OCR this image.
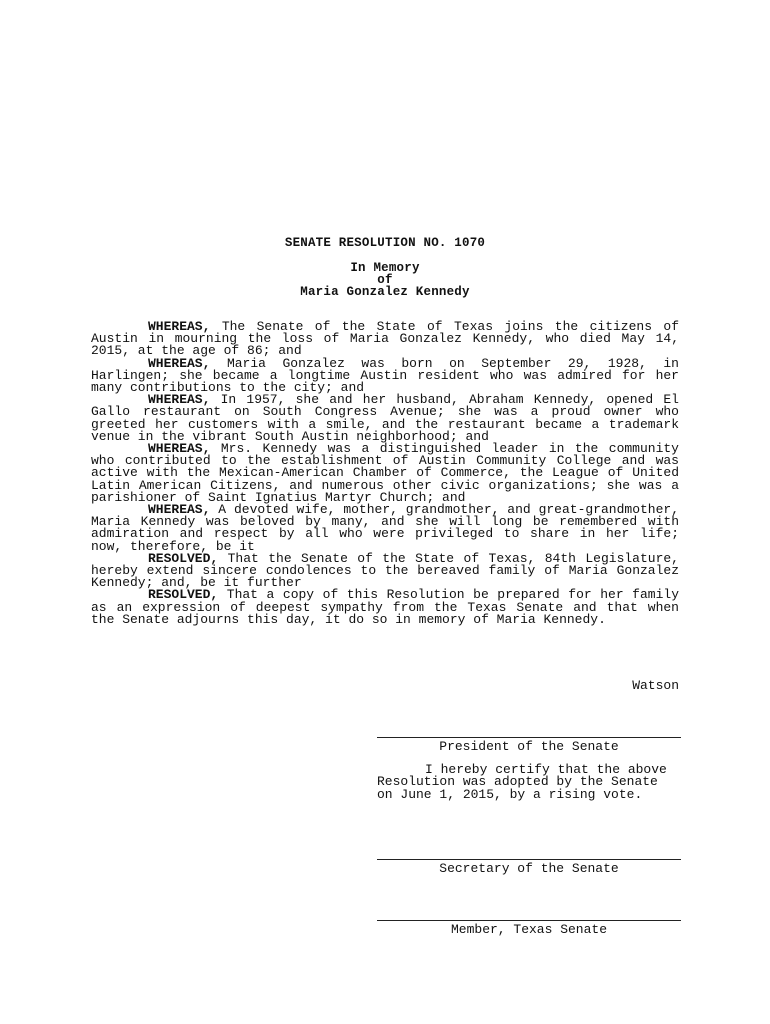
SENATE RESOLUTION NO. 1070
In Memory
of
Maria Gonzalez Kennedy

WHEREAS, The Senate of the State of Texas joins the citizens of Austin in mourning the loss of Maria Gonzalez Kennedy, who died May 14, 2015, at the age of 86; and

WHEREAS, Maria Gonzalez was born on September 29, 1928, in Harlingen; she became a longtime Austin resident who was admired for her many contributions to the city; and

WHEREAS, In 1957, she and her husband, Abraham Kennedy, opened El Gallo restaurant on South Congress Avenue; she was a proud owner who greeted her customers with a smile, and the restaurant became a trademark venue in the vibrant South Austin neighborhood; and

WHEREAS, Mrs. Kennedy was a distinguished leader in the community who contributed to the establishment of Austin Community College and was active with the Mexican-American Chamber of Commerce, the League of United Latin American Citizens, and numerous other civic organizations; she was a parishioner of Saint Ignatius Martyr Church; and

WHEREAS, A devoted wife, mother, grandmother, and great-grandmother, Maria Kennedy was beloved by many, and she will long be remembered with admiration and respect by all who were privileged to share in her life; now, therefore, be it

RESOLVED, That the Senate of the State of Texas, 84th Legislature, hereby extend sincere condolences to the bereaved family of Maria Gonzalez Kennedy; and, be it further

RESOLVED, That a copy of this Resolution be prepared for her family as an expression of deepest sympathy from the Texas Senate and that when the Senate adjourns this day, it do so in memory of Maria Kennedy.

Watson
President of the Senate

I hereby certify that the above Resolution was adopted by the Senate on June 1, 2015, by a rising vote.

Secretary of the Senate
Member, Texas Senate
